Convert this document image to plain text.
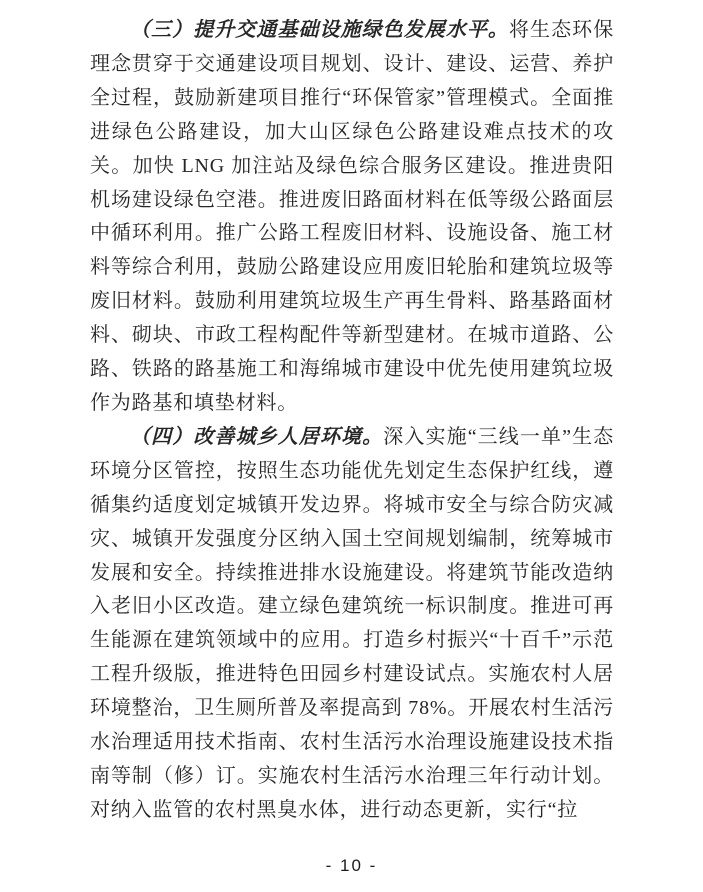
（三）提升交通基础设施绿色发展水平。将生态环保理念贯穿于交通建设项目规划、设计、建设、运营、养护全过程，鼓励新建项目推行“环保管家”管理模式。全面推进绿色公路建设，加大山区绿色公路建设难点技术的攻关。加快 LNG 加注站及绿色综合服务区建设。推进贵阳机场建设绿色空港。推进废旧路面材料在低等级公路面层中循环利用。推广公路工程废旧材料、设施设备、施工材料等综合利用，鼓励公路建设应用废旧轮胎和建筑垃圾等废旧材料。鼓励利用建筑垃圾生产再生骨料、路基路面材料、砌块、市政工程构配件等新型建材。在城市道路、公路、铁路的路基施工和海绵城市建设中优先使用建筑垃圾作为路基和填垫材料。

（四）改善城乡人居环境。深入实施“三线一单”生态环境分区管控，按照生态功能优先划定生态保护红线，遵循集约适度划定城镇开发边界。将城市安全与综合防灾减灾、城镇开发强度分区纳入国土空间规划编制，统筹城市发展和安全。持续推进排水设施建设。将建筑节能改造纳入老旧小区改造。建立绿色建筑统一标识制度。推进可再生能源在建筑领域中的应用。打造乡村振兴“十百千”示范工程升级版，推进特色田园乡村建设试点。实施农村人居环境整治，卫生厕所普及率提高到 78%。开展农村生活污水治理适用技术指南、农村生活污水治理设施建设技术指南等制（修）订。实施农村生活污水治理三年行动计划。对纳入监管的农村黑臭水体，进行动态更新，实行“拉

- 10 -
